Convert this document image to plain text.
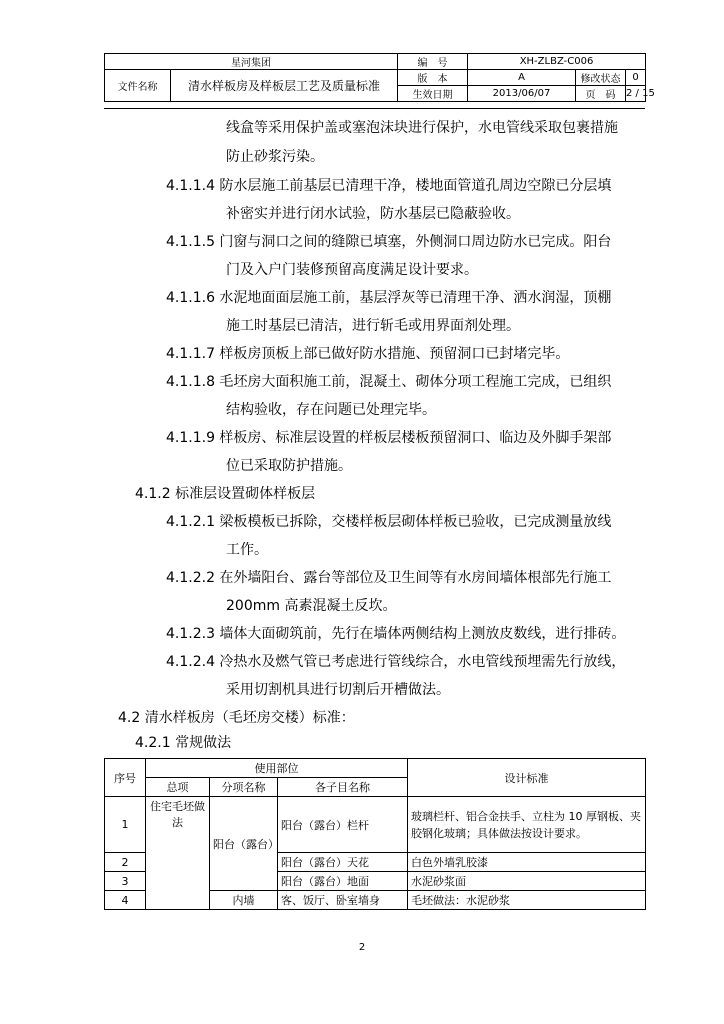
星河集团		编　号	XH-ZLBZ-C006		
文件名称	清水样板房及样板层工艺及质量标准	版　本	A	修改状态	0
		生效日期	2013/06/07	页　码	2 / 15
线盒等采用保护盖或塞泡沫块进行保护，水电管线采取包裹措施
防止砂浆污染。
4.1.1.4 防水层施工前基层已清理干净，楼地面管道孔周边空隙已分层填
补密实并进行闭水试验，防水基层已隐蔽验收。
4.1.1.5 门窗与洞口之间的缝隙已填塞，外侧洞口周边防水已完成。阳台
门及入户门装修预留高度满足设计要求。
4.1.1.6 水泥地面面层施工前，基层浮灰等已清理干净、洒水润湿，顶棚
施工时基层已清洁，进行斩毛或用界面剂处理。
4.1.1.7 样板房顶板上部已做好防水措施、预留洞口已封堵完毕。
4.1.1.8 毛坯房大面积施工前，混凝土、砌体分项工程施工完成，已组织
结构验收，存在问题已处理完毕。
4.1.1.9 样板房、标准层设置的样板层楼板预留洞口、临边及外脚手架部
位已采取防护措施。
4.1.2 标准层设置砌体样板层
4.1.2.1 梁板模板已拆除，交楼样板层砌体样板已验收，已完成测量放线
工作。
4.1.2.2 在外墙阳台、露台等部位及卫生间等有水房间墙体根部先行施工
200mm 高素混凝土反坎。
4.1.2.3 墙体大面砌筑前，先行在墙体两侧结构上测放皮数线，进行排砖。
4.1.2.4 冷热水及燃气管已考虑进行管线综合，水电管线预埋需先行放线，
采用切割机具进行切割后开槽做法。
4.2 清水样板房（毛坯房交楼）标准：
4.2.1 常规做法
序号	使用部位			设计标准
	总项	分项名称	各子目名称	
1	住宅毛坯做法	阳台（露台）	阳台（露台）栏杆	玻璃栏杆、铝合金扶手、立柱为 10 厚钢板、夹胶钢化玻璃；具体做法按设计要求。
2			阳台（露台）天花	白色外墙乳胶漆
3			阳台（露台）地面	水泥砂浆面
4		内墙	客、饭厅、卧室墙身	毛坯做法：水泥砂浆
2
